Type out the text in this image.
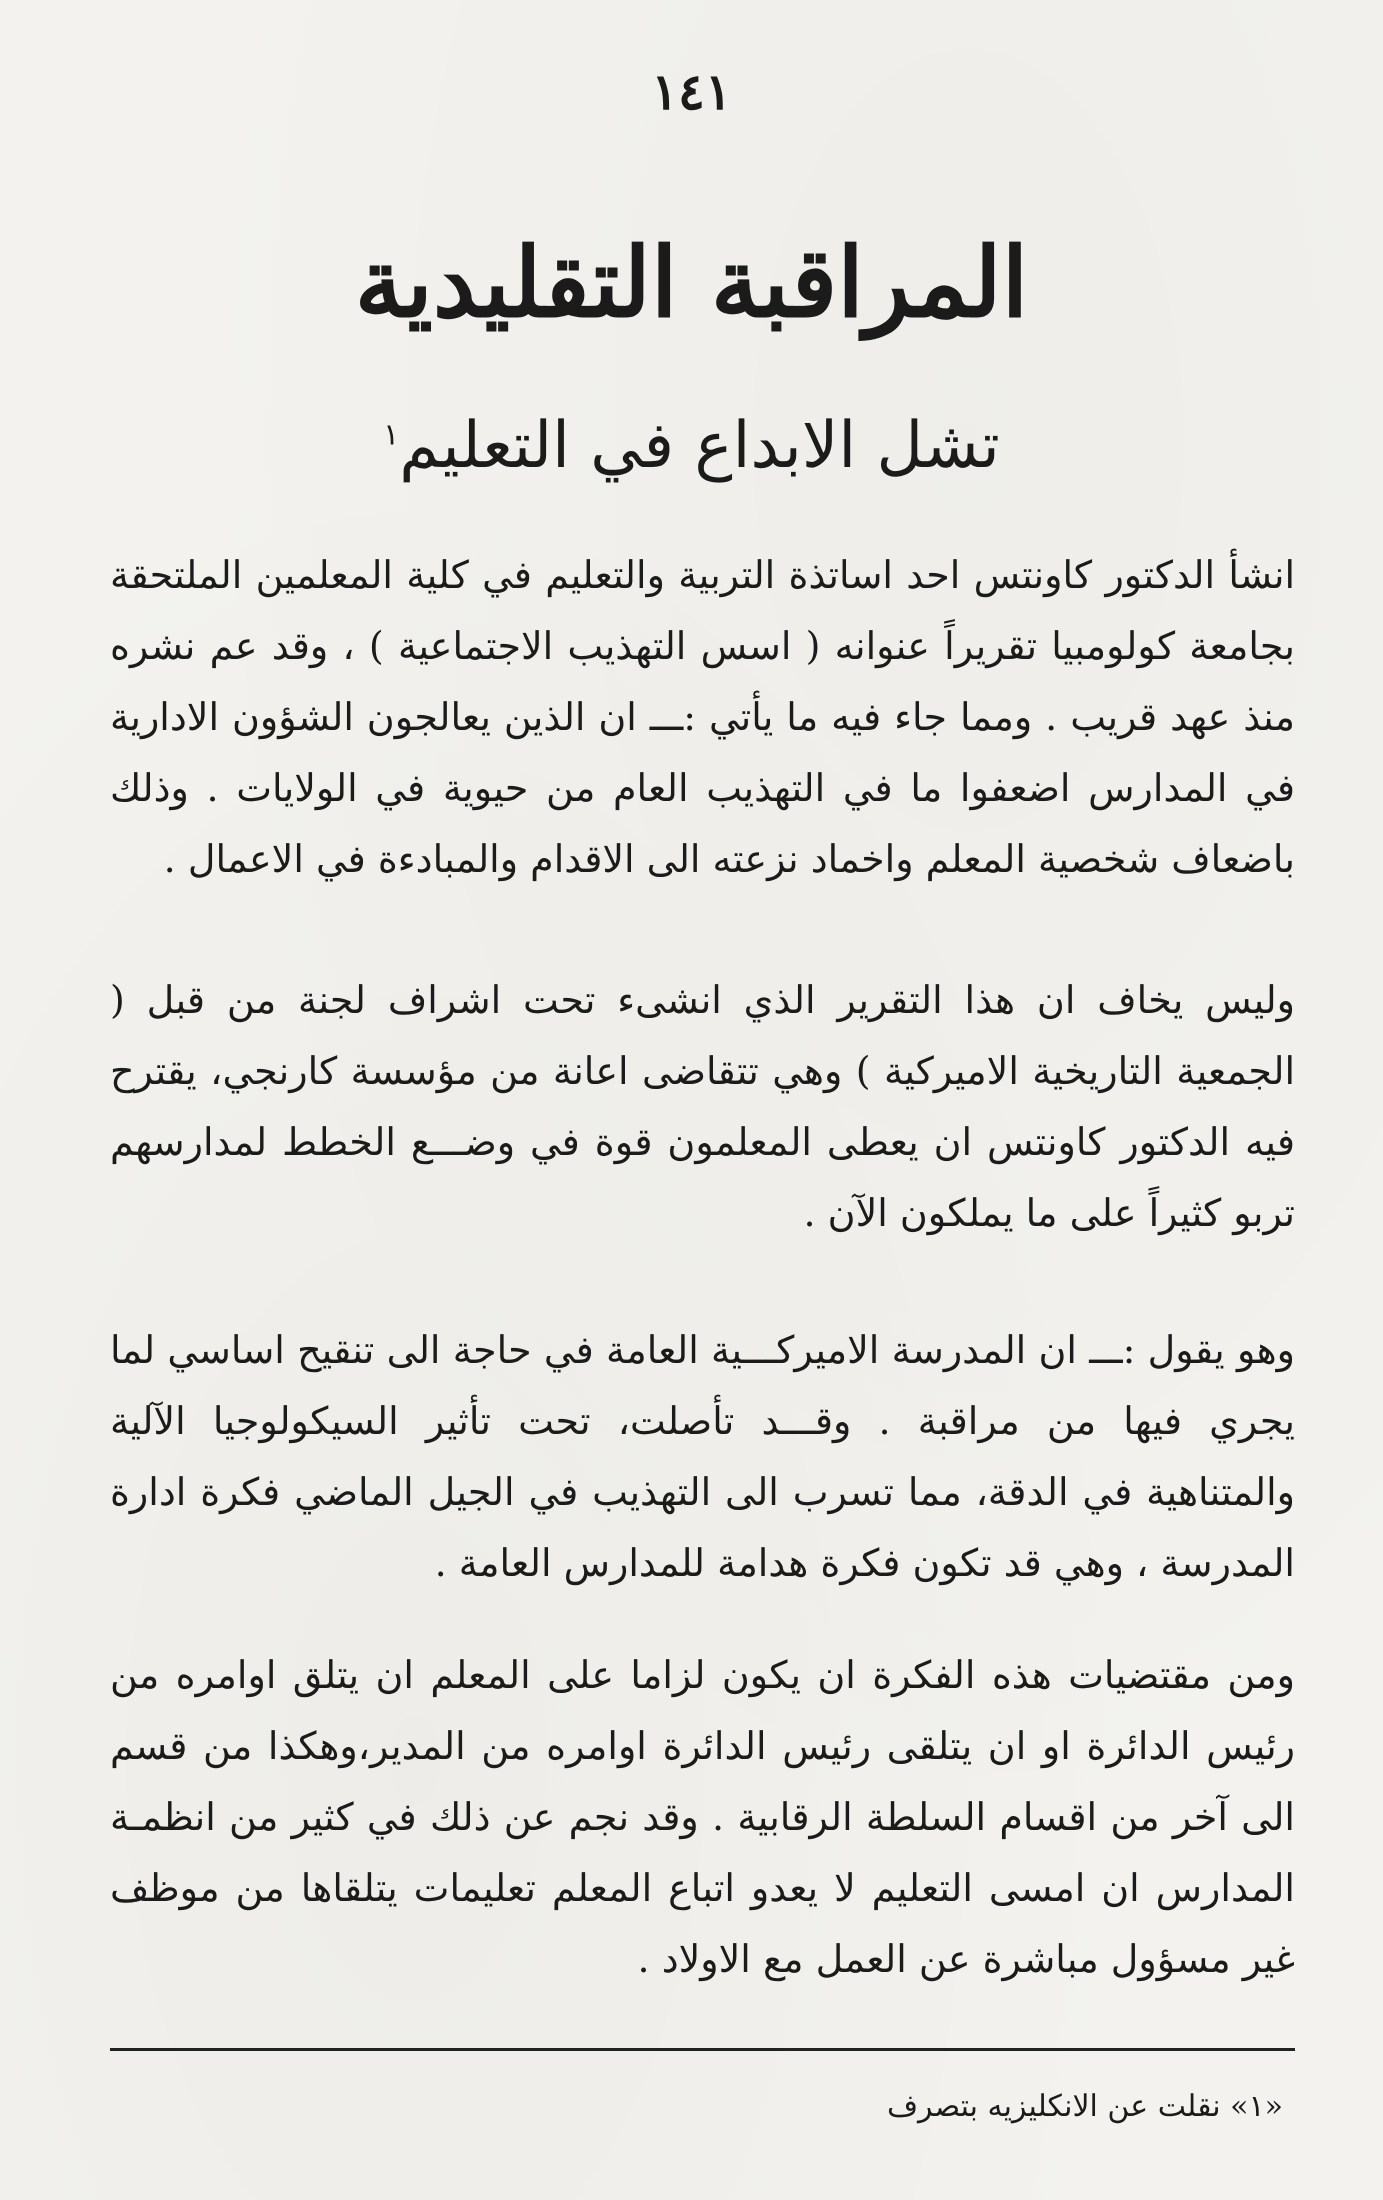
١٤١
المراقبة التقليدية
تشل الابداع في التعليم$^١$

انشأ الدكتور كاونتس احد اساتذة التربية والتعليم في كلية المعلمين الملتحقة بجامعة كولومبيا تقريراً عنوانه ( اسس التهذيب الاجتماعية ) ، وقد عم نشره منذ عهد قريب . ومما جاء فيه ما يأتي :ـــ ان الذين يعالجون الشؤون الادارية في المدارس اضعفوا ما في التهذيب العام من حيوية في الولايات . وذلك باضعاف شخصية المعلم واخماد نزعته الى الاقدام والمبادءة في الاعمال .

وليس يخاف ان هذا التقرير الذي انشىء تحت اشراف لجنة من قبل ( الجمعية التاريخية الاميركية ) وهي تتقاضى اعانة من مؤسسة كارنجي، يقترح فيه الدكتور كاونتس ان يعطى المعلمون قوة في وضـــع الخطط لمدارسهم تربو كثيراً على ما يملكون الآن .

وهو يقول :ـــ ان المدرسة الاميركـــية العامة في حاجة الى تنقيح اساسي لما يجري فيها من مراقبة . وقـــد تأصلت، تحت تأثير السيكولوجيا الآلية والمتناهية في الدقة، مما تسرب الى التهذيب في الجيل الماضي فكرة ادارة المدرسة ، وهي قد تكون فكرة هدامة للمدارس العامة .

ومن مقتضيات هذه الفكرة ان يكون لزاما على المعلم ان يتلق اوامره من رئيس الدائرة او ان يتلقى رئيس الدائرة اوامره من المدير،وهكذا من قسم الى آخر من اقسام السلطة الرقابية . وقد نجم عن ذلك في كثير من انظمـة المدارس ان امسى التعليم لا يعدو اتباع المعلم تعليمات يتلقاها من موظف غير مسؤول مباشرة عن العمل مع الاولاد .

«١» نقلت عن الانكليزيه بتصرف
